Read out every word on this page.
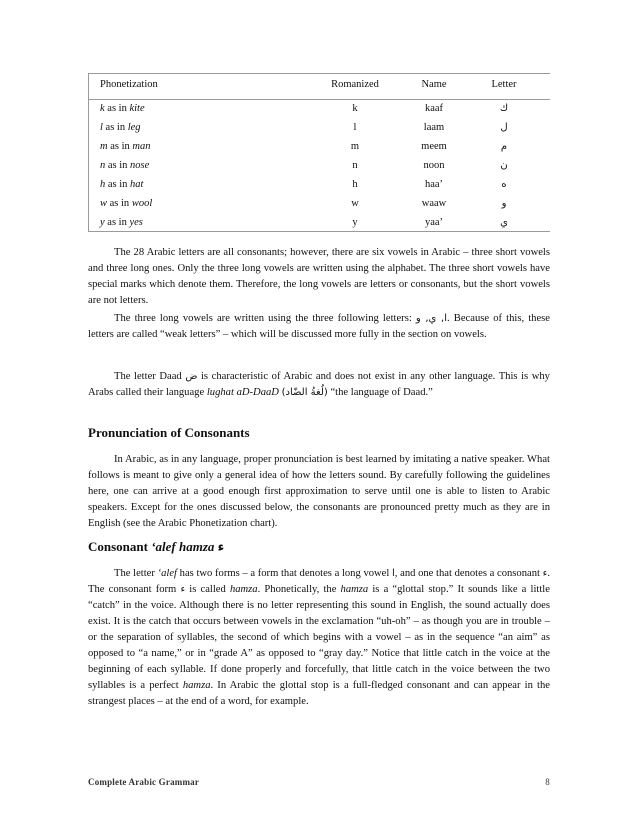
Phonetization	Romanized	Name	Letter
k as in kite	k	kaaf	ك
l as in leg	l	laam	ل
m as in man	m	meem	م
n as in nose	n	noon	ن
h as in hat	h	haa’	ه
w as in wool	w	waaw	و
y as in yes	y	yaa’	ي

The 28 Arabic letters are all consonants; however, there are six vowels in Arabic – three short vowels and three long ones. Only the three long vowels are written using the alphabet. The three short vowels have special marks which denote them. Therefore, the long vowels are letters or consonants, but the short vowels are not letters.

The three long vowels are written using the three following letters: ا, ي, و. Because of this, these letters are called “weak letters” – which will be discussed more fully in the section on vowels.

The letter Daad ض is characteristic of Arabic and does not exist in any other language. This is why Arabs called their language lughat aD-DaaD (لُغةُ الضّاد) “the language of Daad.”

Pronunciation of Consonants

In Arabic, as in any language, proper pronunciation is best learned by imitating a native speaker. What follows is meant to give only a general idea of how the letters sound. By carefully following the guidelines here, one can arrive at a good enough first approximation to serve until one is able to listen to Arabic speakers. Except for the ones discussed below, the consonants are pronounced pretty much as they are in English (see the Arabic Phonetization chart).

Consonant ‘alef hamza ء

The letter ‘alef has two forms – a form that denotes a long vowel ا, and one that denotes a consonant ء. The consonant form ء is called hamza. Phonetically, the hamza is a “glottal stop.” It sounds like a little “catch” in the voice. Although there is no letter representing this sound in English, the sound actually does exist. It is the catch that occurs between vowels in the exclamation “uh-oh” – as though you are in trouble – or the separation of syllables, the second of which begins with a vowel – as in the sequence “an aim” as opposed to “a name,” or in “grade A” as opposed to “gray day.” Notice that little catch in the voice at the beginning of each syllable. If done properly and forcefully, that little catch in the voice between the two syllables is a perfect hamza. In Arabic the glottal stop is a full-fledged consonant and can appear in the strangest places – at the end of a word, for example.

Complete Arabic Grammar	8
